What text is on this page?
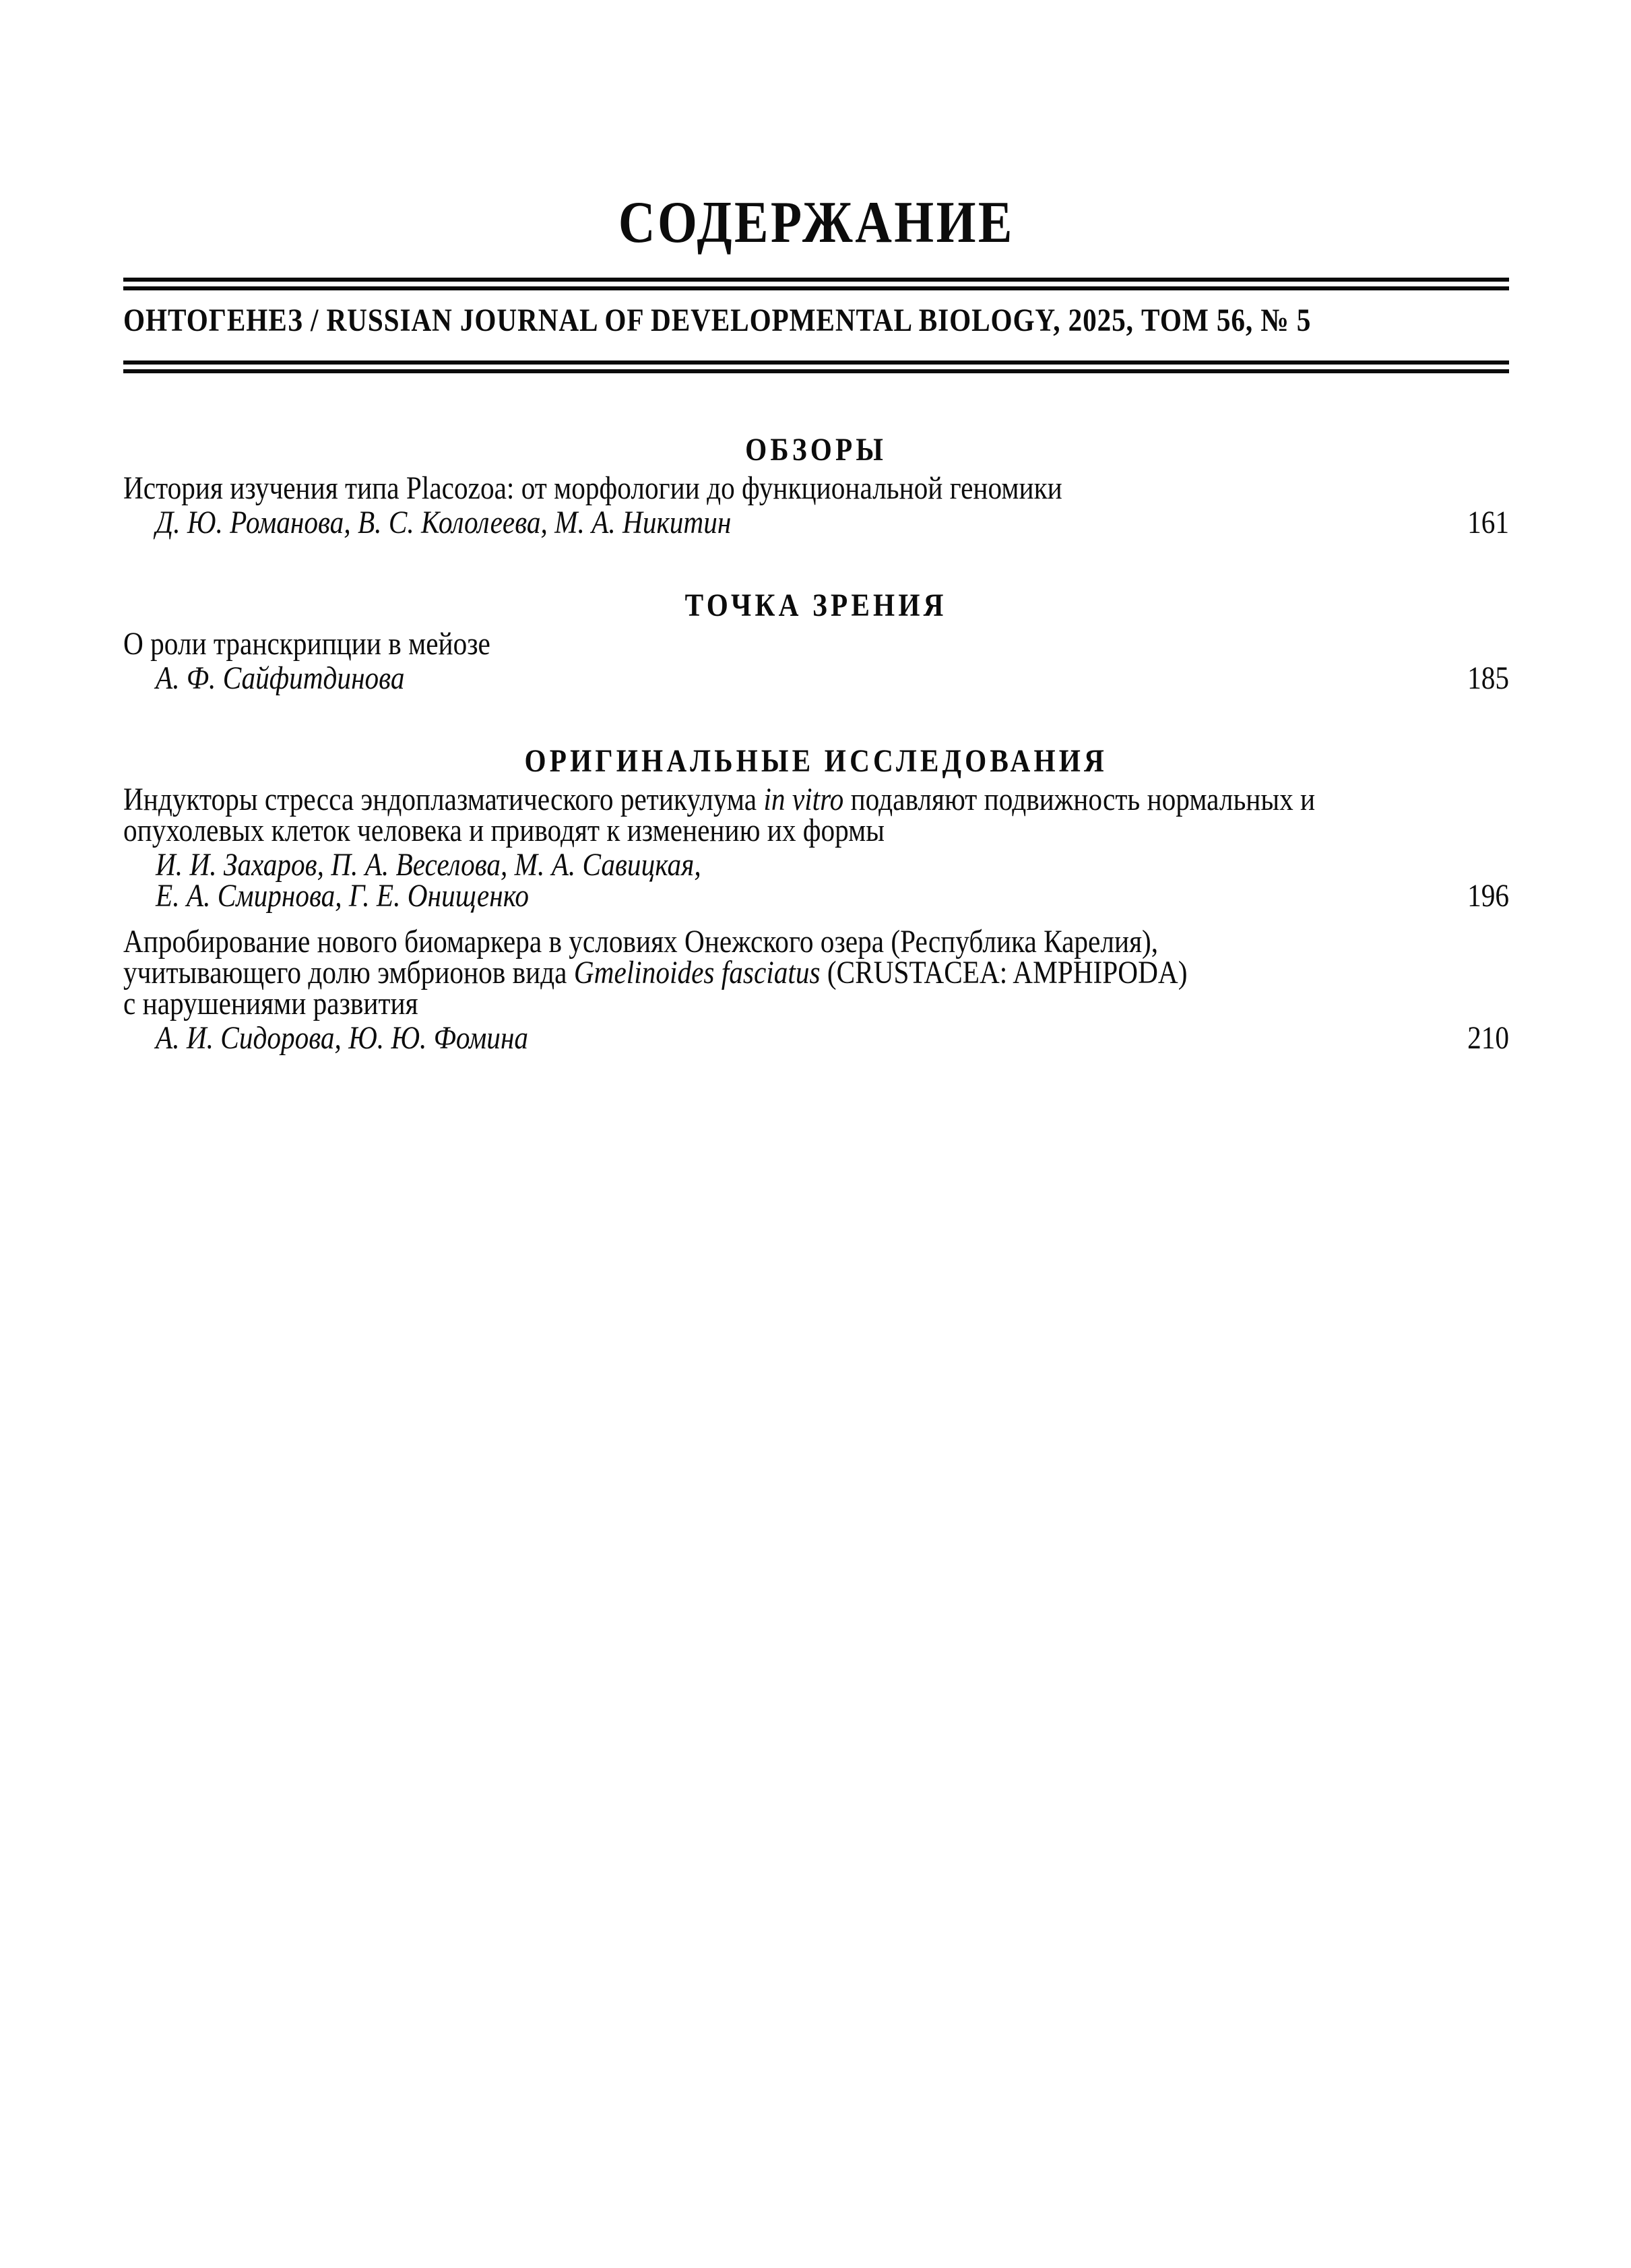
СОДЕРЖАНИЕ
ОНТОГЕНЕЗ / RUSSIAN JOURNAL OF DEVELOPMENTAL BIOLOGY, 2025, ТОМ 56, № 5
ОБЗОРЫ
История изучения типа Placozoa: от морфологии до функциональной геномики
Д. Ю. Романова, В. С. Кололеева, М. А. Никитин	161
ТОЧКА ЗРЕНИЯ
О роли транскрипции в мейозе
А. Ф. Сайфитдинова	185
ОРИГИНАЛЬНЫЕ ИССЛЕДОВАНИЯ
Индукторы стресса эндоплазматического ретикулума in vitro подавляют подвижность нормальных и
опухолевых клеток человека и приводят к изменению их формы
И. И. Захаров, П. А. Веселова, М. А. Савицкая,
Е. А. Смирнова, Г. Е. Онищенко	196
Апробирование нового биомаркера в условиях Онежского озера (Республика Карелия),
учитывающего долю эмбрионов вида Gmelinoides fasciatus (CRUSTACEA: AMPHIPODA)
с нарушениями развития
А. И. Сидорова, Ю. Ю. Фомина	210
